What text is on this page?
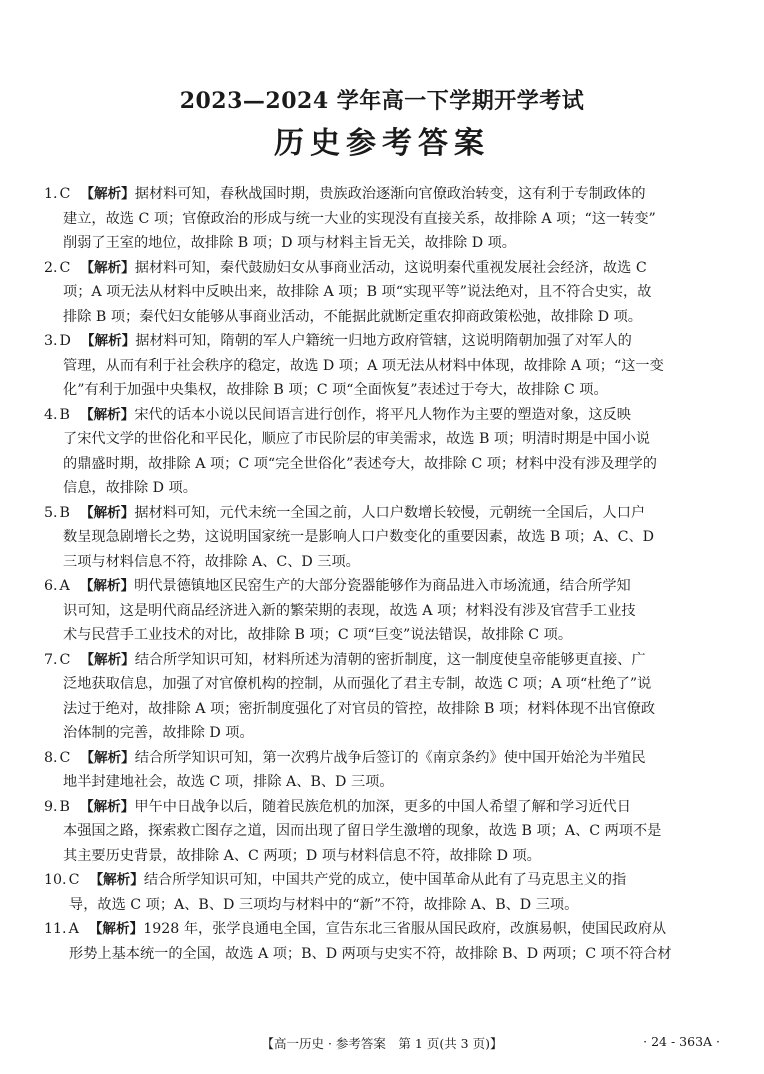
2023—2024 学年高一下学期开学考试
历史参考答案
1. C 【解析】 据材料可知，春秋战国时期，贵族政治逐渐向官僚政治转变，这有利于专制政体的
建立，故选 C 项；官僚政治的形成与统一大业的实现没有直接关系，故排除 A 项；“这一转变”
削弱了王室的地位，故排除 B 项；D 项与材料主旨无关，故排除 D 项。
2. C 【解析】 据材料可知，秦代鼓励妇女从事商业活动，这说明秦代重视发展社会经济，故选 C
项；A 项无法从材料中反映出来，故排除 A 项；B 项“实现平等”说法绝对，且不符合史实，故
排除 B 项；秦代妇女能够从事商业活动，不能据此就断定重农抑商政策松弛，故排除 D 项。
3. D 【解析】 据材料可知，隋朝的军人户籍统一归地方政府管辖，这说明隋朝加强了对军人的
管理，从而有利于社会秩序的稳定，故选 D 项；A 项无法从材料中体现，故排除 A 项；“这一变
化”有利于加强中央集权，故排除 B 项；C 项“全面恢复”表述过于夸大，故排除 C 项。
4. B 【解析】 宋代的话本小说以民间语言进行创作，将平凡人物作为主要的塑造对象，这反映
了宋代文学的世俗化和平民化，顺应了市民阶层的审美需求，故选 B 项；明清时期是中国小说
的鼎盛时期，故排除 A 项；C 项“完全世俗化”表述夸大，故排除 C 项；材料中没有涉及理学的
信息，故排除 D 项。
5. B 【解析】 据材料可知，元代未统一全国之前，人口户数增长较慢，元朝统一全国后，人口户
数呈现急剧增长之势，这说明国家统一是影响人口户数变化的重要因素，故选 B 项；A、C、D
三项与材料信息不符，故排除 A、C、D 三项。
6. A 【解析】 明代景德镇地区民窑生产的大部分瓷器能够作为商品进入市场流通，结合所学知
识可知，这是明代商品经济进入新的繁荣期的表现，故选 A 项；材料没有涉及官营手工业技
术与民营手工业技术的对比，故排除 B 项；C 项“巨变”说法错误，故排除 C 项。
7. C 【解析】 结合所学知识可知，材料所述为清朝的密折制度，这一制度使皇帝能够更直接、广
泛地获取信息，加强了对官僚机构的控制，从而强化了君主专制，故选 C 项；A 项“杜绝了”说
法过于绝对，故排除 A 项；密折制度强化了对官员的管控，故排除 B 项；材料体现不出官僚政
治体制的完善，故排除 D 项。
8. C 【解析】 结合所学知识可知，第一次鸦片战争后签订的《南京条约》使中国开始沦为半殖民
地半封建地社会，故选 C 项，排除 A、B、D 三项。
9. B 【解析】 甲午中日战争以后，随着民族危机的加深，更多的中国人希望了解和学习近代日
本强国之路，探索救亡图存之道，因而出现了留日学生激增的现象，故选 B 项；A、C 两项不是
其主要历史背景，故排除 A、C 两项；D 项与材料信息不符，故排除 D 项。
10. C 【解析】 结合所学知识可知，中国共产党的成立，使中国革命从此有了马克思主义的指
导，故选 C 项；A、B、D 三项均与材料中的“新”不符，故排除 A、B、D 三项。
11. A 【解析】 1928 年，张学良通电全国，宣告东北三省服从国民政府，改旗易帜，使国民政府从
形势上基本统一的全国，故选 A 项；B、D 两项与史实不符，故排除 B、D 两项；C 项不符合材
【高一历史 · 参考答案　第 1 页(共 3 页)】	· 24 - 363A ·
